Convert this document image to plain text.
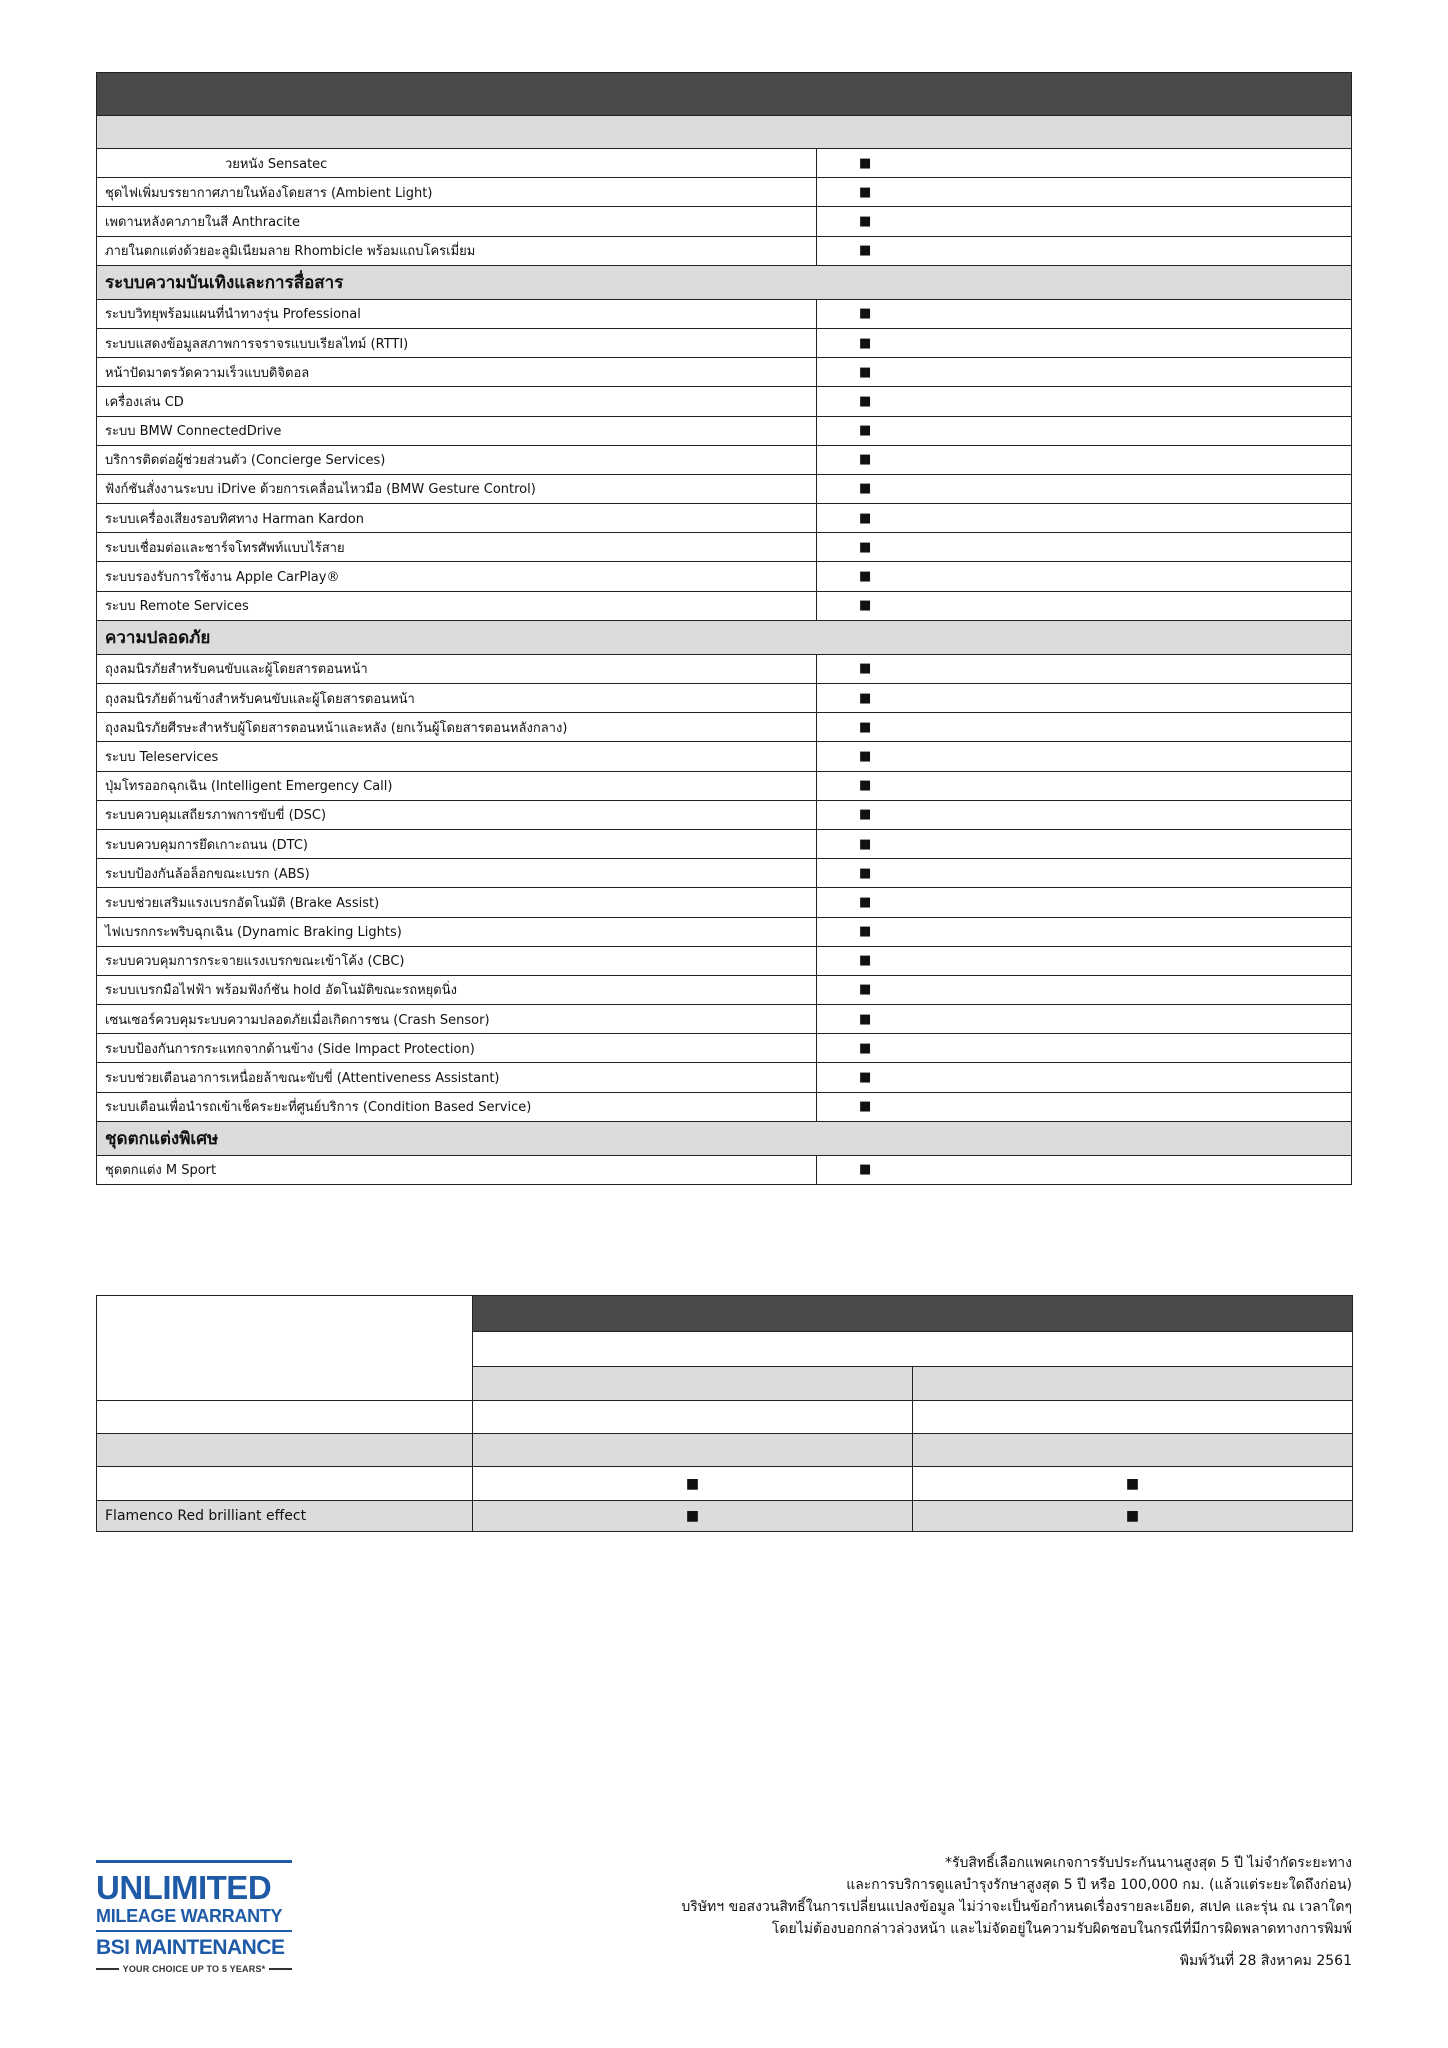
วยหนัง Sensatec	■
ชุดไฟเพิ่มบรรยากาศภายในห้องโดยสาร (Ambient Light)	■
เพดานหลังคาภายในสี Anthracite	■
ภายในตกแต่งด้วยอะลูมิเนียมลาย Rhombicle พร้อมแถบโครเมี่ยม	■
ระบบความบันเทิงและการสื่อสาร	
ระบบวิทยุพร้อมแผนที่นำทางรุ่น Professional	■
ระบบแสดงข้อมูลสภาพการจราจรแบบเรียลไทม์ (RTTI)	■
หน้าปัดมาตรวัดความเร็วแบบดิจิตอล	■
เครื่องเล่น CD	■
ระบบ BMW ConnectedDrive	■
บริการติดต่อผู้ช่วยส่วนตัว (Concierge Services)	■
ฟังก์ชันสั่งงานระบบ iDrive ด้วยการเคลื่อนไหวมือ (BMW Gesture Control)	■
ระบบเครื่องเสียงรอบทิศทาง Harman Kardon	■
ระบบเชื่อมต่อและชาร์จโทรศัพท์แบบไร้สาย	■
ระบบรองรับการใช้งาน Apple CarPlay®	■
ระบบ Remote Services	■
ความปลอดภัย	
ถุงลมนิรภัยสำหรับคนขับและผู้โดยสารตอนหน้า	■
ถุงลมนิรภัยด้านข้างสำหรับคนขับและผู้โดยสารตอนหน้า	■
ถุงลมนิรภัยศีรษะสำหรับผู้โดยสารตอนหน้าและหลัง (ยกเว้นผู้โดยสารตอนหลังกลาง)	■
ระบบ Teleservices	■
ปุ่มโทรออกฉุกเฉิน (Intelligent Emergency Call)	■
ระบบควบคุมเสถียรภาพการขับขี่ (DSC)	■
ระบบควบคุมการยึดเกาะถนน (DTC)	■
ระบบป้องกันล้อล็อกขณะเบรก (ABS)	■
ระบบช่วยเสริมแรงเบรกอัตโนมัติ (Brake Assist)	■
ไฟเบรกกระพริบฉุกเฉิน (Dynamic Braking Lights)	■
ระบบควบคุมการกระจายแรงเบรกขณะเข้าโค้ง (CBC)	■
ระบบเบรกมือไฟฟ้า พร้อมฟังก์ชัน hold อัตโนมัติขณะรถหยุดนิ่ง	■
เซนเซอร์ควบคุมระบบความปลอดภัยเมื่อเกิดการชน (Crash Sensor)	■
ระบบป้องกันการกระแทกจากด้านข้าง (Side Impact Protection)	■
ระบบช่วยเตือนอาการเหนื่อยล้าขณะขับขี่ (Attentiveness Assistant)	■
ระบบเตือนเพื่อนำรถเข้าเช็คระยะที่ศูนย์บริการ (Condition Based Service)	■
ชุดตกแต่งพิเศษ	
ชุดตกแต่ง M Sport	■

	■	■
Flamenco Red brilliant effect	■	■
UNLIMITED
MILEAGE WARRANTY
BSI MAINTENANCE
YOUR CHOICE UP TO 5 YEARS*
*รับสิทธิ์เลือกแพคเกจการรับประกันนานสูงสุด 5 ปี ไม่จำกัดระยะทาง
และการบริการดูแลบำรุงรักษาสูงสุด 5 ปี หรือ 100,000 กม. (แล้วแต่ระยะใดถึงก่อน)
บริษัทฯ ขอสงวนสิทธิ์ในการเปลี่ยนแปลงข้อมูล ไม่ว่าจะเป็นข้อกำหนดเรื่องรายละเอียด, สเปค และรุ่น ณ เวลาใดๆ
โดยไม่ต้องบอกกล่าวล่วงหน้า และไม่จัดอยู่ในความรับผิดชอบในกรณีที่มีการผิดพลาดทางการพิมพ์
พิมพ์วันที่ 28 สิงหาคม 2561
